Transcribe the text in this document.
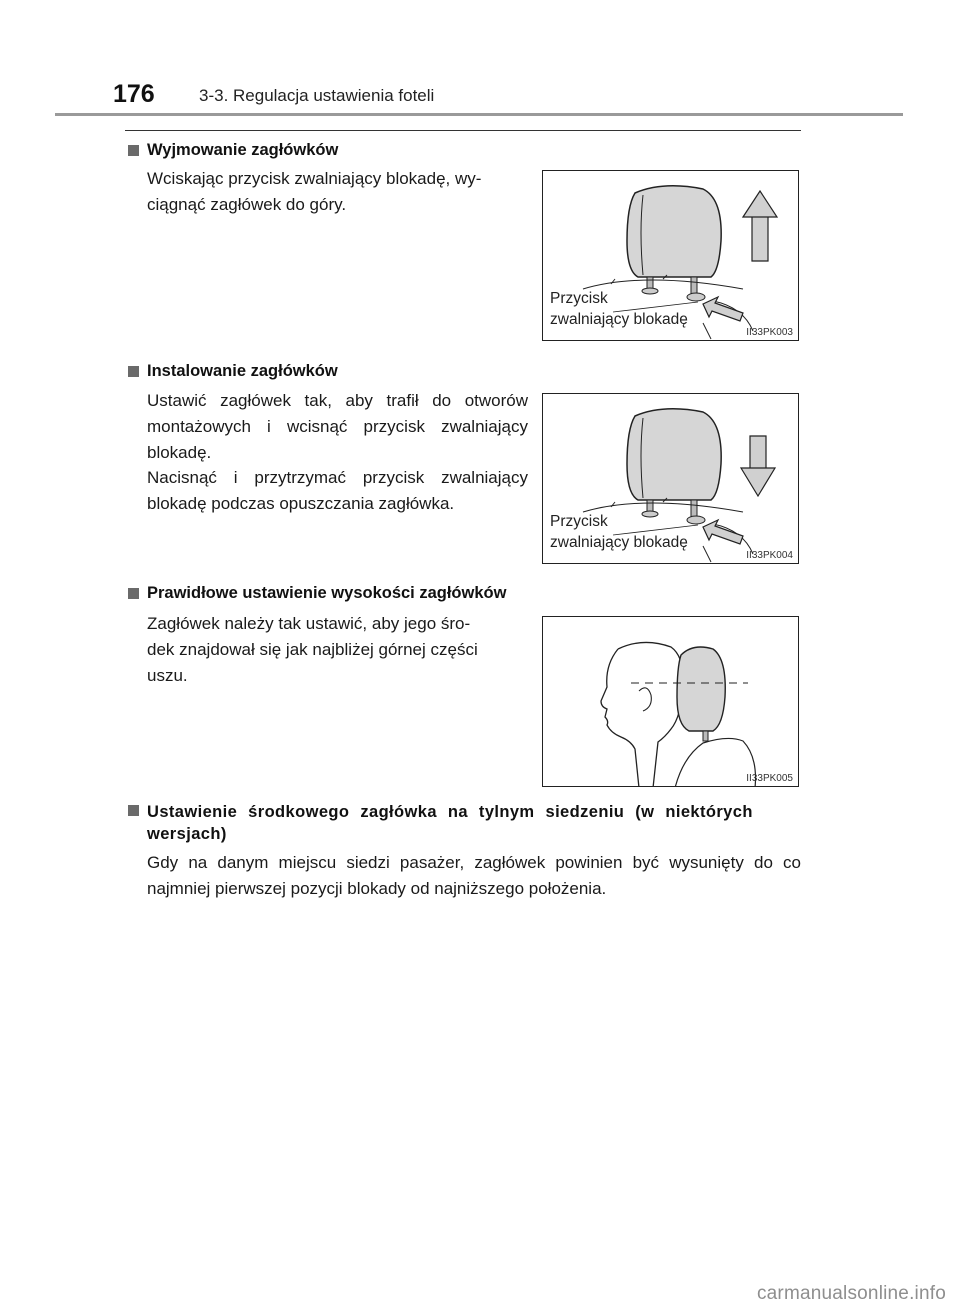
176	3-3. Regulacja ustawienia foteli
Wyjmowanie zagłówków
Wciskając przycisk zwalniający blokadę, wy-
ciągnąć zagłówek do góry.
Przycisk
zwalniający blokadę
II33PK003
Instalowanie zagłówków
Ustawić zagłówek tak, aby trafił do otworów montażowych i wcisnąć przycisk zwalniający blokadę.
Nacisnąć i przytrzymać przycisk zwalniający blokadę podczas opuszczania zagłówka.
Przycisk
zwalniający blokadę
II33PK004
Prawidłowe ustawienie wysokości zagłówków
Zagłówek należy tak ustawić, aby jego śro-
dek znajdował się jak najbliżej górnej części
uszu.
II33PK005
Ustawienie środkowego zagłówka na tylnym siedzeniu (w niektórych
wersjach)
Gdy na danym miejscu siedzi pasażer, zagłówek powinien być wysunięty do co najmniej pierwszej pozycji blokady od najniższego położenia.
carmanualsonline.info
